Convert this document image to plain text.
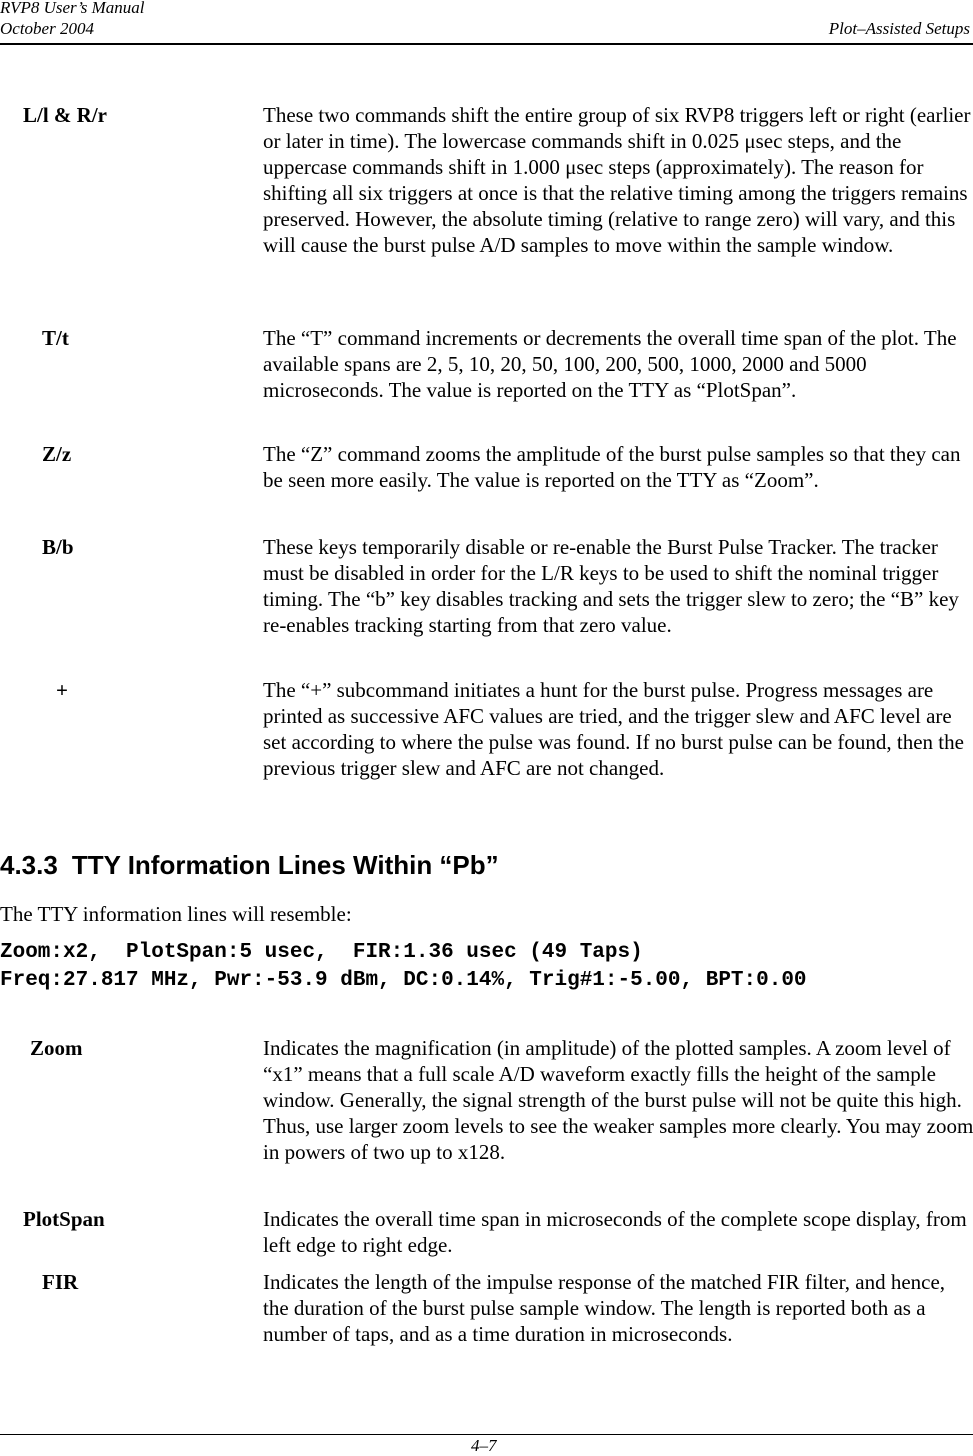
RVP8 User’s Manual
October 2004	Plot–Assisted Setups
L/l & R/r	These two commands shift the entire group of six RVP8 triggers left or right (earlier or later in time). The lowercase commands shift in 0.025 μsec steps, and the uppercase commands shift in 1.000 μsec steps (approximately). The reason for shifting all six triggers at once is that the relative timing among the triggers remains preserved. However, the absolute timing (relative to range zero) will vary, and this will cause the burst pulse A/D samples to move within the sample window.
T/t	The “T” command increments or decrements the overall time span of the plot. The available spans are 2, 5, 10, 20, 50, 100, 200, 500, 1000, 2000 and 5000 microseconds. The value is reported on the TTY as “PlotSpan”.
Z/z	The “Z” command zooms the amplitude of the burst pulse samples so that they can be seen more easily. The value is reported on the TTY as “Zoom”.
B/b	These keys temporarily disable or re-enable the Burst Pulse Tracker. The tracker must be disabled in order for the L/R keys to be used to shift the nominal trigger timing. The “b” key disables tracking and sets the trigger slew to zero; the “B” key re-enables tracking starting from that zero value.
+	The “+” subcommand initiates a hunt for the burst pulse. Progress messages are printed as successive AFC values are tried, and the trigger slew and AFC level are set according to where the pulse was found. If no burst pulse can be found, then the previous trigger slew and AFC are not changed.
4.3.3 TTY Information Lines Within “Pb”
The TTY information lines will resemble:
Zoom:x2,  PlotSpan:5 usec,  FIR:1.36 usec (49 Taps)
Freq:27.817 MHz, Pwr:-53.9 dBm, DC:0.14%, Trig#1:-5.00, BPT:0.00
Zoom	Indicates the magnification (in amplitude) of the plotted samples. A zoom level of “x1” means that a full scale A/D waveform exactly fills the height of the sample window. Generally, the signal strength of the burst pulse will not be quite this high. Thus, use larger zoom levels to see the weaker samples more clearly. You may zoom in powers of two up to x128.
PlotSpan	Indicates the overall time span in microseconds of the complete scope display, from left edge to right edge.
FIR	Indicates the length of the impulse response of the matched FIR filter, and hence, the duration of the burst pulse sample window. The length is reported both as a number of taps, and as a time duration in microseconds.
4–7
